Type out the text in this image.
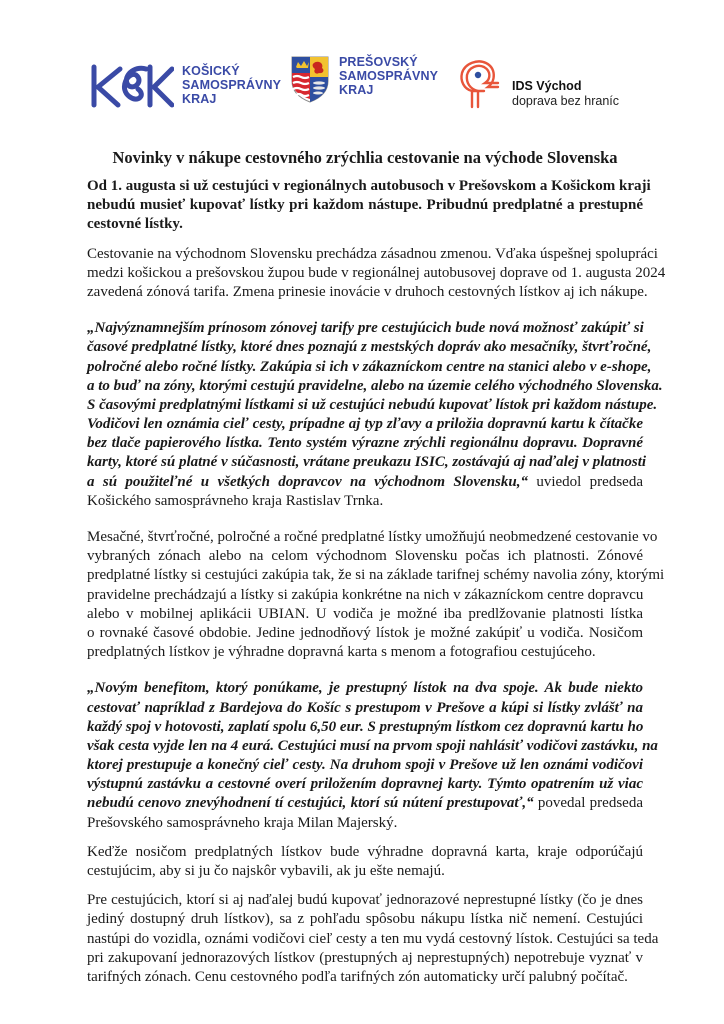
KOŠICKÝ
SAMOSPRÁVNY
KRAJ
PREŠOVSKÝ
SAMOSPRÁVNY
KRAJ	IDS Východ
doprava bez hraníc
Novinky v nákupe cestovného zrýchlia cestovanie na východe Slovenska
Od 1. augusta si už cestujúci v regionálnych autobusoch v Prešovskom a Košickom kraji
nebudú musieť kupovať lístky pri každom nástupe. Pribudnú predplatné a prestupné
cestovné lístky.
Cestovanie na východnom Slovensku prechádza zásadnou zmenou. Vďaka úspešnej spolupráci
medzi košickou a prešovskou župou bude v regionálnej autobusovej doprave od 1. augusta 2024
zavedená zónová tarifa. Zmena prinesie inovácie v druhoch cestovných lístkov aj ich nákupe.
„Najvýznamnejším prínosom zónovej tarify pre cestujúcich bude nová možnosť zakúpiť si
časové predplatné lístky, ktoré dnes poznajú z mestských dopráv ako mesačníky, štvrťročné,
polročné alebo ročné lístky. Zakúpia si ich v zákazníckom centre na stanici alebo v e-shope,
a to buď na zóny, ktorými cestujú pravidelne, alebo na územie celého východného Slovenska.
S časovými predplatnými lístkami si už cestujúci nebudú kupovať lístok pri každom nástupe.
Vodičovi len oznámia cieľ cesty, prípadne aj typ zľavy a priložia dopravnú kartu k čítačke
bez tlače papierového lístka. Tento systém výrazne zrýchli regionálnu dopravu. Dopravné
karty, ktoré sú platné v súčasnosti, vrátane preukazu ISIC, zostávajú aj naďalej v platnosti
a sú použiteľné u všetkých dopravcov na východnom Slovensku,“ uviedol predseda
Košického samosprávneho kraja Rastislav Trnka.
Mesačné, štvrťročné, polročné a ročné predplatné lístky umožňujú neobmedzené cestovanie vo
vybraných zónach alebo na celom východnom Slovensku počas ich platnosti. Zónové
predplatné lístky si cestujúci zakúpia tak, že si na základe tarifnej schémy navolia zóny, ktorými
pravidelne prechádzajú a lístky si zakúpia konkrétne na nich v zákazníckom centre dopravcu
alebo v mobilnej aplikácii UBIAN. U vodiča je možné iba predlžovanie platnosti lístka
o rovnaké časové obdobie. Jedine jednodňový lístok je možné zakúpiť u vodiča. Nosičom
predplatných lístkov je výhradne dopravná karta s menom a fotografiou cestujúceho.
„Novým benefitom, ktorý ponúkame, je prestupný lístok na dva spoje. Ak bude niekto
cestovať napríklad z Bardejova do Košíc s prestupom v Prešove a kúpi si lístky zvlášť na
každý spoj v hotovosti, zaplatí spolu 6,50 eur. S prestupným lístkom cez dopravnú kartu ho
však cesta vyjde len na 4 eurá. Cestujúci musí na prvom spoji nahlásiť vodičovi zastávku, na
ktorej prestupuje a konečný cieľ cesty. Na druhom spoji v Prešove už len oznámi vodičovi
výstupnú zastávku a cestovné overí priložením dopravnej karty. Týmto opatrením už viac
nebudú cenovo znevýhodnení tí cestujúci, ktorí sú nútení prestupovať,“ povedal predseda
Prešovského samosprávneho kraja Milan Majerský.
Keďže nosičom predplatných lístkov bude výhradne dopravná karta, kraje odporúčajú
cestujúcim, aby si ju čo najskôr vybavili, ak ju ešte nemajú.
Pre cestujúcich, ktorí si aj naďalej budú kupovať jednorazové neprestupné lístky (čo je dnes
jediný dostupný druh lístkov), sa z pohľadu spôsobu nákupu lístka nič nemení. Cestujúci
nastúpi do vozidla, oznámi vodičovi cieľ cesty a ten mu vydá cestovný lístok. Cestujúci sa teda
pri zakupovaní jednorazových lístkov (prestupných aj neprestupných) nepotrebuje vyznať v
tarifných zónach. Cenu cestovného podľa tarifných zón automaticky určí palubný počítač.
